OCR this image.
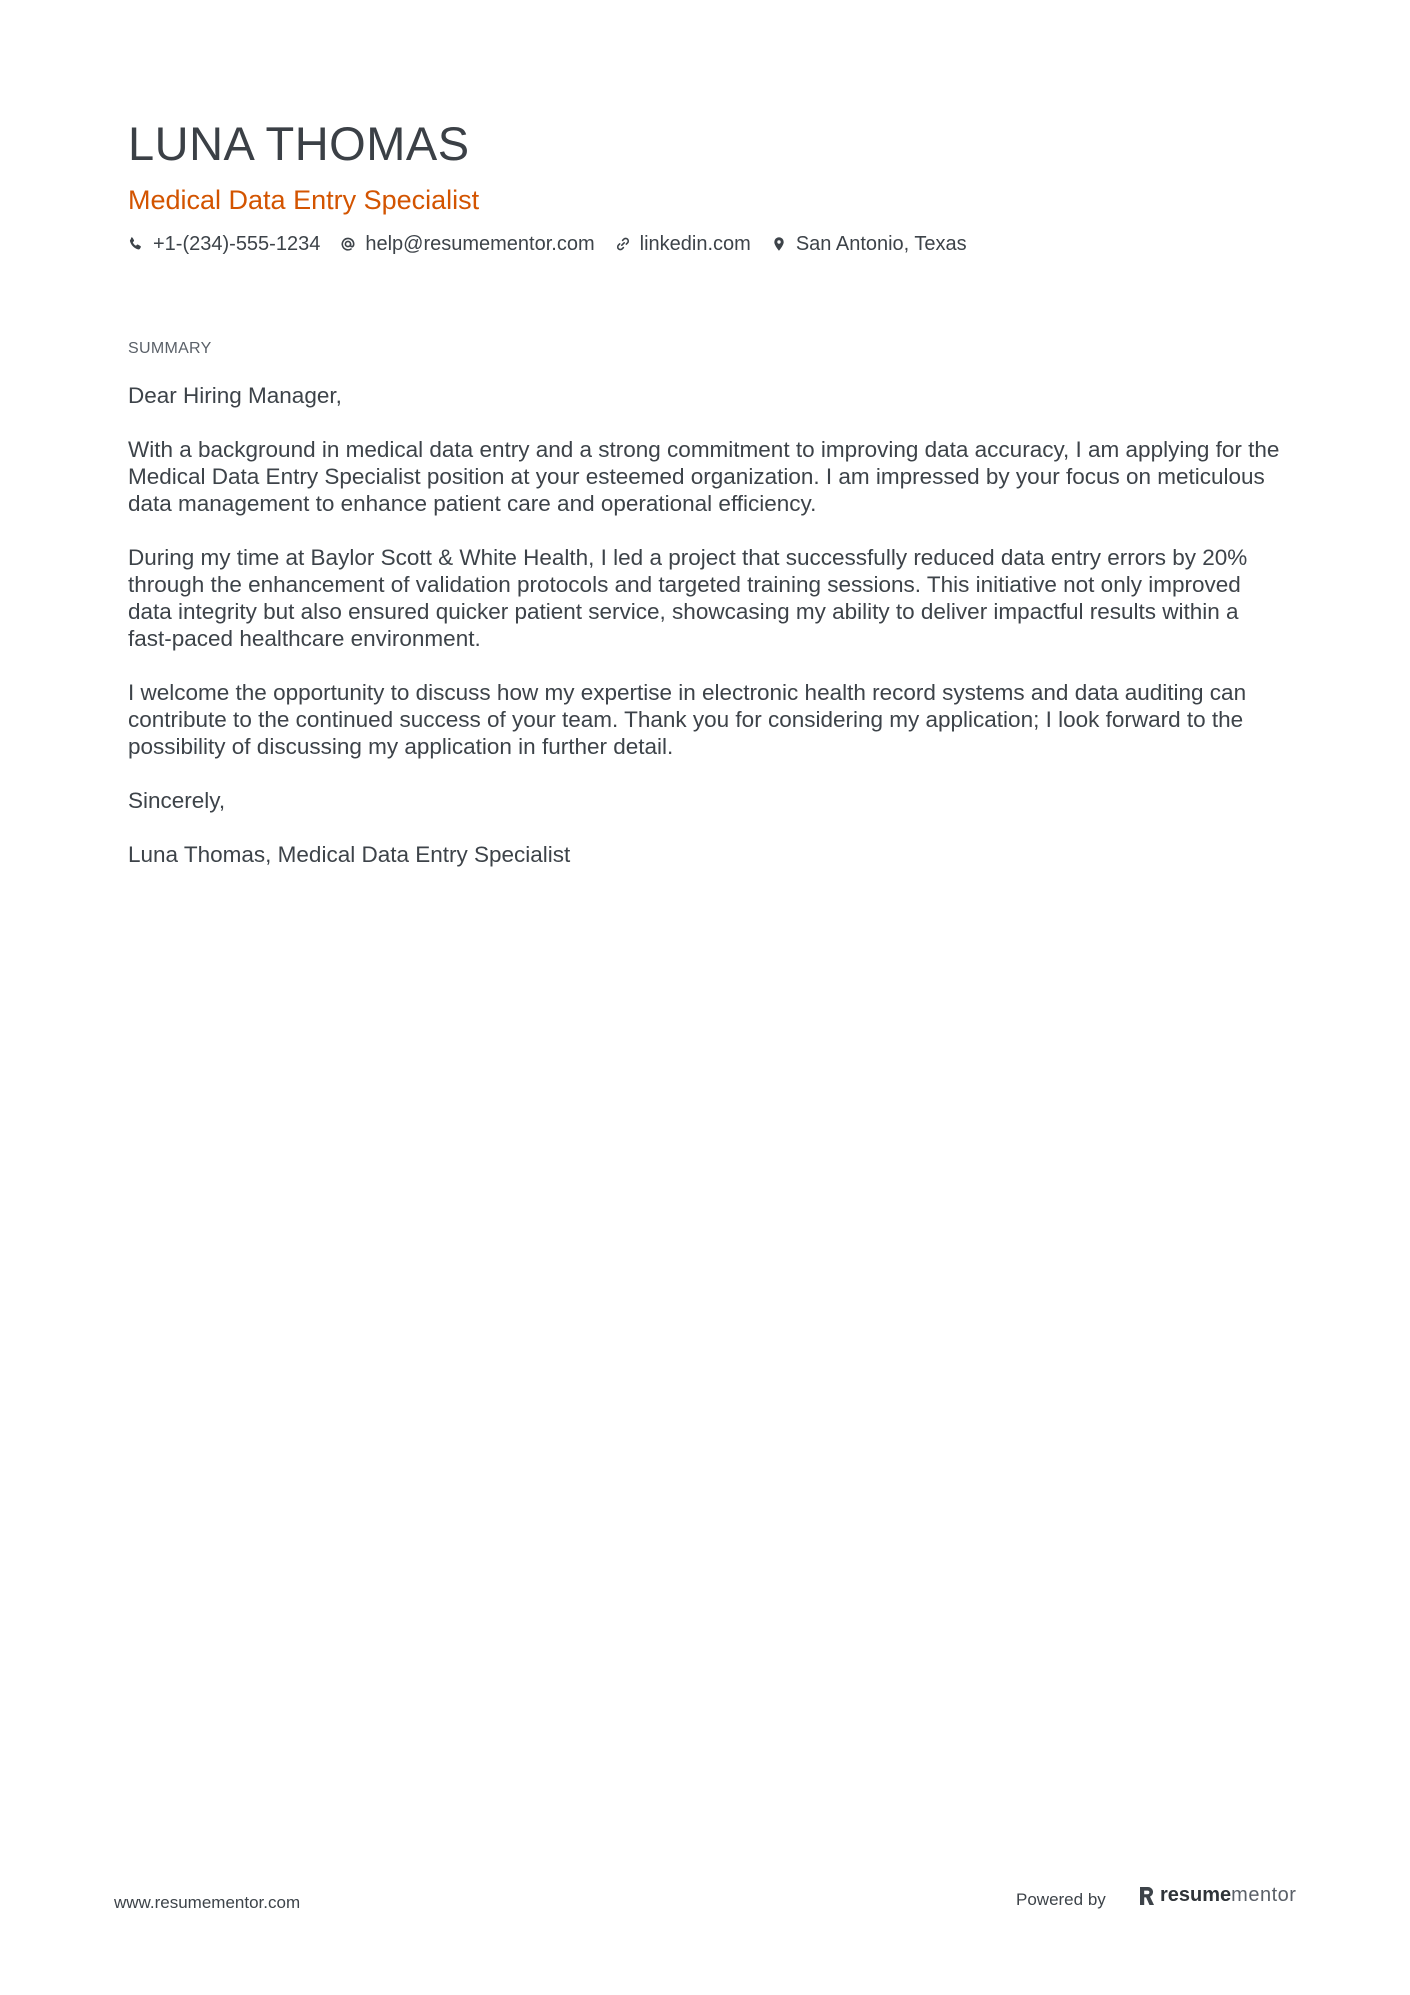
LUNA THOMAS
Medical Data Entry Specialist
+1-(234)-555-1234 help@resumementor.com linkedin.com San Antonio, Texas
SUMMARY

Dear Hiring Manager,

With a background in medical data entry and a strong commitment to improving data accuracy, I am applying for the Medical Data Entry Specialist position at your esteemed organization. I am impressed by your focus on meticulous data management to enhance patient care and operational efficiency.

During my time at Baylor Scott & White Health, I led a project that successfully reduced data entry errors by 20% through the enhancement of validation protocols and targeted training sessions. This initiative not only improved data integrity but also ensured quicker patient service, showcasing my ability to deliver impactful results within a fast-paced healthcare environment.

I welcome the opportunity to discuss how my expertise in electronic health record systems and data auditing can contribute to the continued success of your team. Thank you for considering my application; I look forward to the possibility of discussing my application in further detail.

Sincerely,

Luna Thomas, Medical Data Entry Specialist

www.resumementor.com	Powered by	resume mentor
